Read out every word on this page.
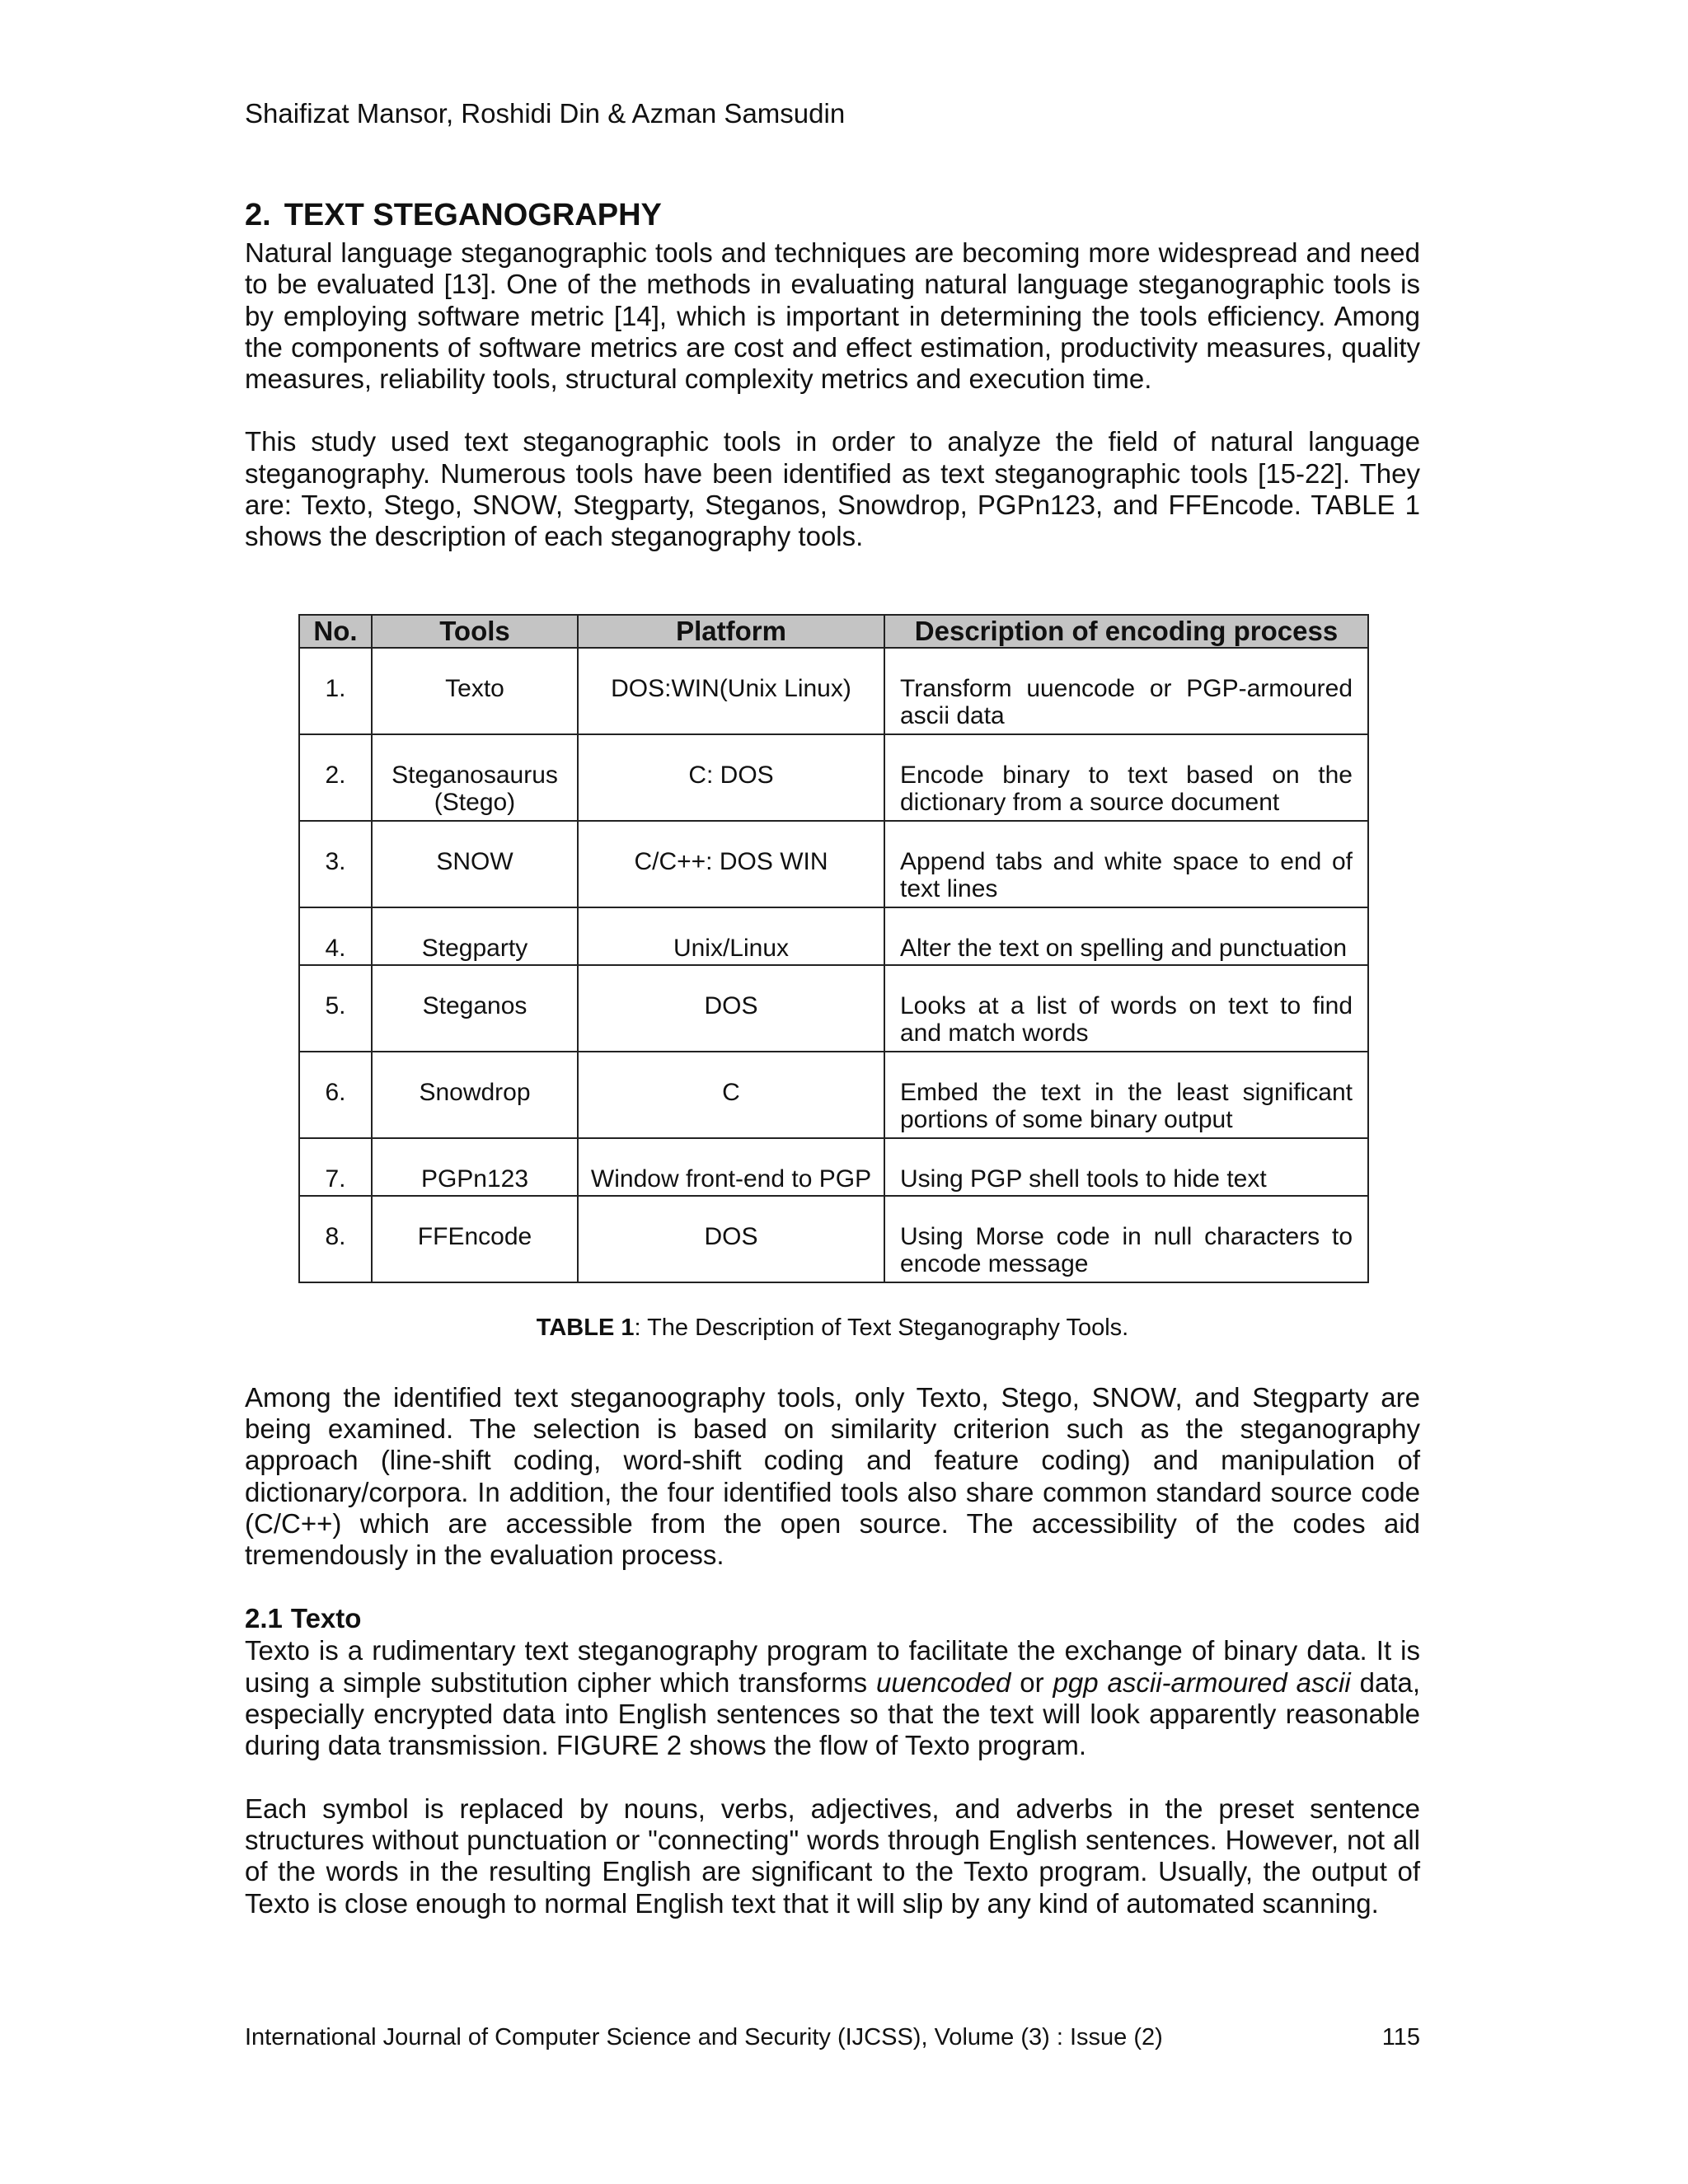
Shaifizat Mansor, Roshidi Din & Azman Samsudin
2. TEXT STEGANOGRAPHY

Natural language steganographic tools and techniques are becoming more widespread and need to be evaluated [13]. One of the methods in evaluating natural language steganographic tools is by employing software metric [14], which is important in determining the tools efficiency. Among the components of software metrics are cost and effect estimation, productivity measures, quality measures, reliability tools, structural complexity metrics and execution time.

This study used text steganographic tools in order to analyze the field of natural language steganography. Numerous tools have been identified as text steganographic tools [15-22]. They are: Texto, Stego, SNOW, Stegparty, Steganos, Snowdrop, PGPn123, and FFEncode. TABLE 1 shows the description of each steganography tools.

No.	Tools	Platform	Description of encoding process
1.	Texto	DOS:WIN(Unix Linux)	Transform uuencode or PGP-armoured ascii data
2.	Steganosaurus (Stego)	C: DOS	Encode binary to text based on the dictionary from a source document
3.	SNOW	C/C++: DOS WIN	Append tabs and white space to end of text lines
4.	Stegparty	Unix/Linux	Alter the text on spelling and punctuation
5.	Steganos	DOS	Looks at a list of words on text to find and match words
6.	Snowdrop	C	Embed the text in the least significant portions of some binary output
7.	PGPn123	Window front-end to PGP	Using PGP shell tools to hide text
8.	FFEncode	DOS	Using Morse code in null characters to encode message
TABLE 1: The Description of Text Steganography Tools.

Among the identified text steganoography tools, only Texto, Stego, SNOW, and Stegparty are being examined. The selection is based on similarity criterion such as the steganography approach (line-shift coding, word-shift coding and feature coding) and manipulation of dictionary/corpora. In addition, the four identified tools also share common standard source code (C/C++) which are accessible from the open source. The accessibility of the codes aid tremendously in the evaluation process.

2.1 Texto

Texto is a rudimentary text steganography program to facilitate the exchange of binary data. It is using a simple substitution cipher which transforms uuencoded or pgp ascii-armoured ascii data, especially encrypted data into English sentences so that the text will look apparently reasonable during data transmission. FIGURE 2 shows the flow of Texto program.

Each symbol is replaced by nouns, verbs, adjectives, and adverbs in the preset sentence structures without punctuation or "connecting" words through English sentences. However, not all of the words in the resulting English are significant to the Texto program. Usually, the output of Texto is close enough to normal English text that it will slip by any kind of automated scanning.

International Journal of Computer Science and Security (IJCSS), Volume (3) : Issue (2)	115
